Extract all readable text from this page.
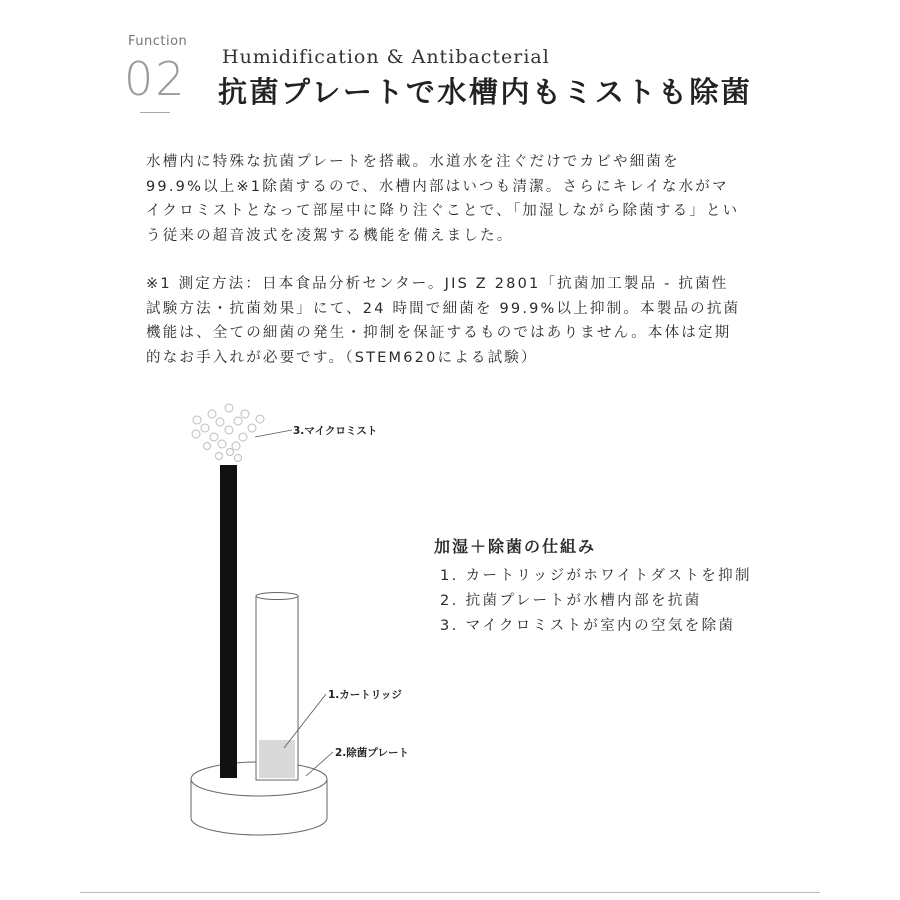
Function
02 Humidification & Antibacterial
抗菌プレートで水槽内もミストも除菌
水槽内に特殊な抗菌プレートを搭載。水道水を注ぐだけでカビや細菌を
99.9%以上※1除菌するので、水槽内部はいつも清潔。さらにキレイな水がマ
イクロミストとなって部屋中に降り注ぐことで、「加湿しながら除菌する」とい
う従来の超音波式を凌駕する機能を備えました。
※1 測定方法：日本食品分析センター。JIS Z 2801「抗菌加工製品 - 抗菌性
試験方法・抗菌効果」にて、24 時間で細菌を 99.9%以上抑制。本製品の抗菌
機能は、全ての細菌の発生・抑制を保証するものではありません。本体は定期
的なお手入れが必要です。（STEM620による試験）
3.マイクロミスト
1.カートリッジ
2.除菌プレート
加湿＋除菌の仕組み
1. カートリッジがホワイトダストを抑制
2. 抗菌プレートが水槽内部を抗菌
3. マイクロミストが室内の空気を除菌
